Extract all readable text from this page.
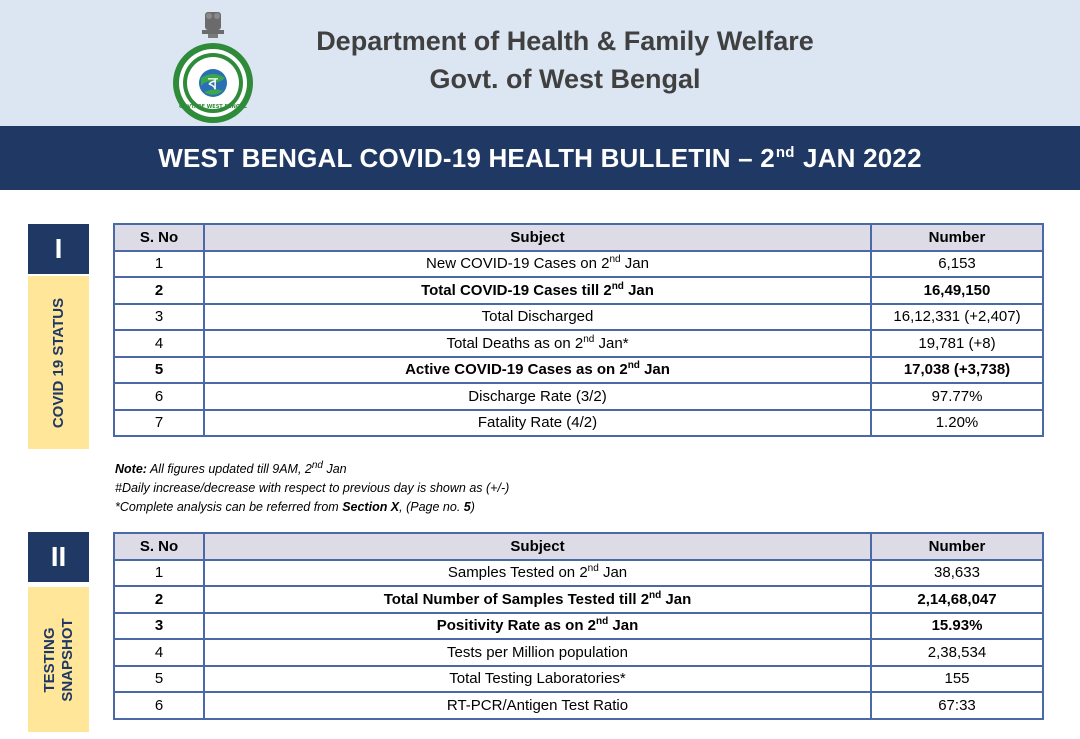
ব
GOVT. OF WEST BENGAL
Department of Health & Family Welfare
Govt. of West Bengal
WEST BENGAL COVID-19 HEALTH BULLETIN – 2nd JAN 2022
I
COVID 19 STATUS
S. No	Subject	Number
1	New COVID-19 Cases on 2nd Jan	6,153
2	Total COVID-19 Cases till 2nd Jan	16,49,150
3	Total Discharged	16,12,331 (+2,407)
4	Total Deaths as on 2nd Jan*	19,781 (+8)
5	Active COVID-19 Cases as on 2nd Jan	17,038 (+3,738)
6	Discharge Rate (3/2)	97.77%
7	Fatality Rate (4/2)	1.20%
Note: All figures updated till 9AM, 2nd Jan
#Daily increase/decrease with respect to previous day is shown as (+/-)
*Complete analysis can be referred from Section X, (Page no. 5)
II
TESTING SNAPSHOT
S. No	Subject	Number
1	Samples Tested on 2nd Jan	38,633
2	Total Number of Samples Tested till 2nd Jan	2,14,68,047
3	Positivity Rate as on 2nd Jan	15.93%
4	Tests per Million population	2,38,534
5	Total Testing Laboratories*	155
6	RT-PCR/Antigen Test Ratio	67:33
